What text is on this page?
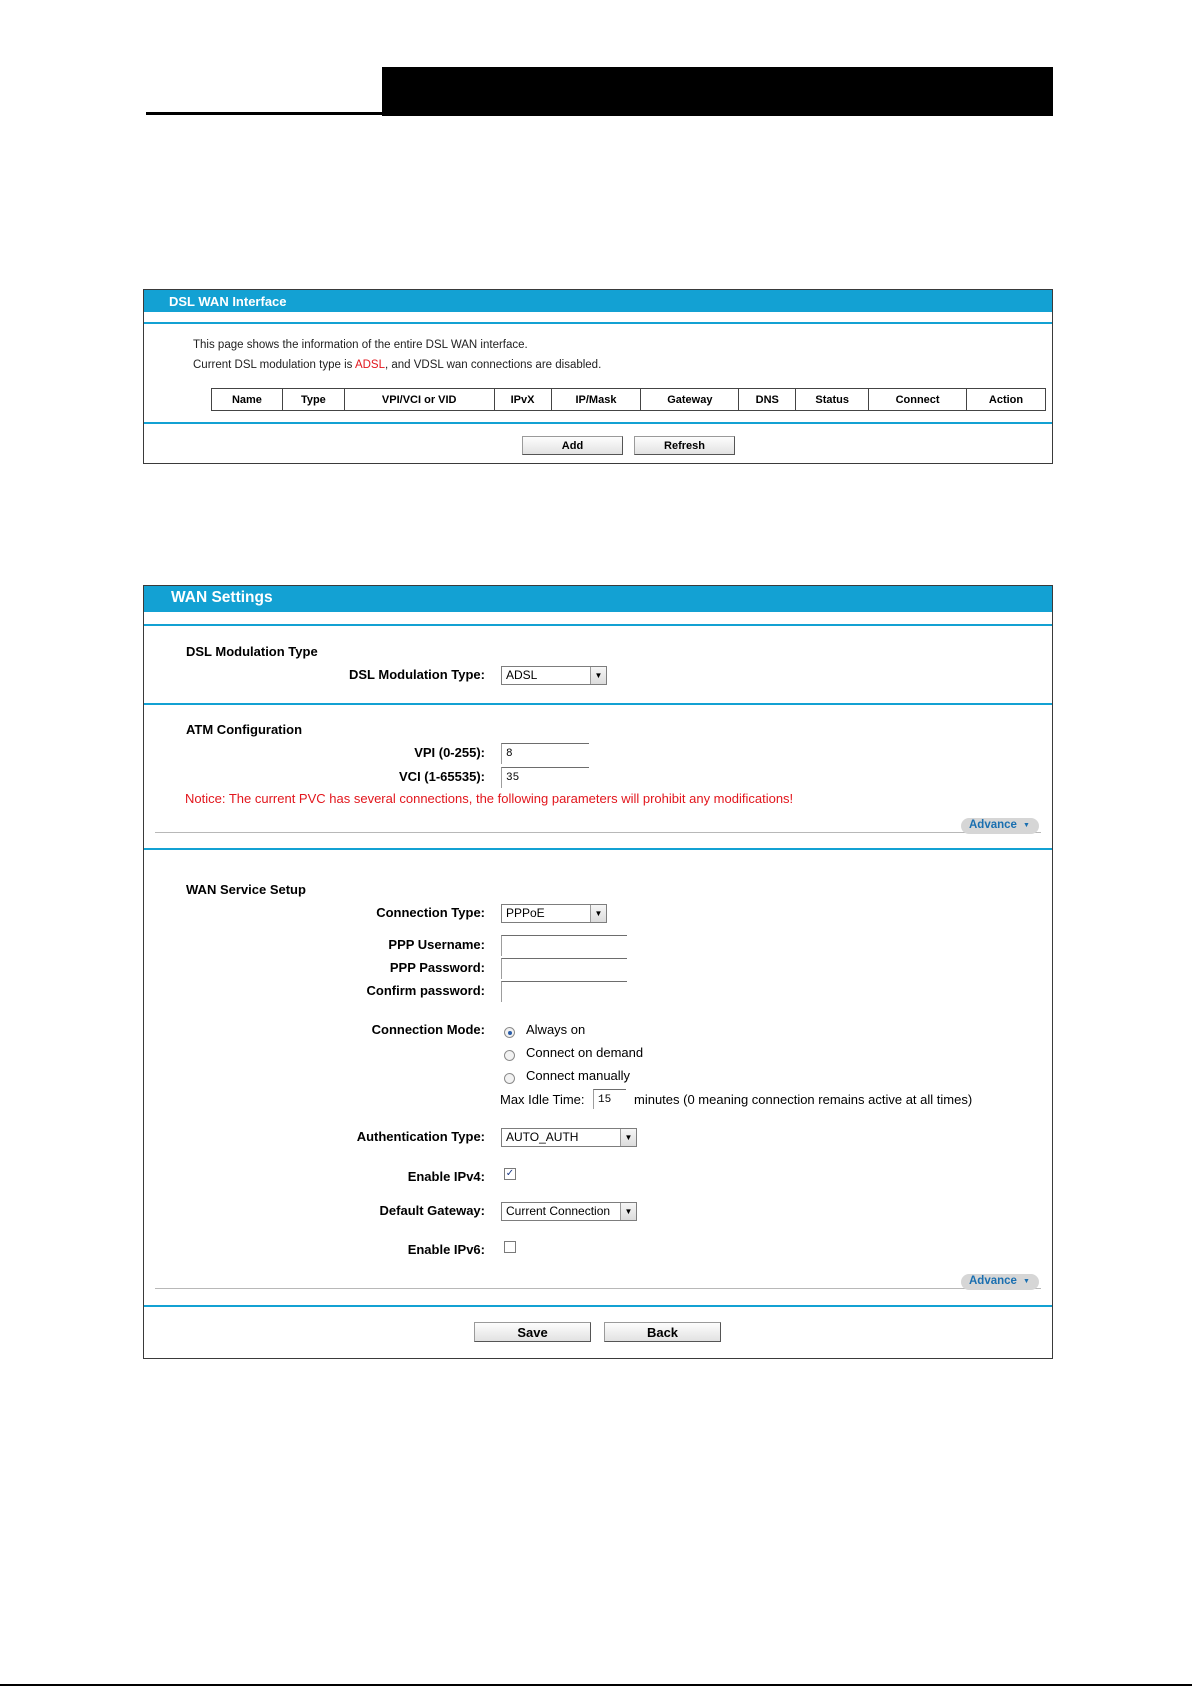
DSL WAN Interface
This page shows the information of the entire DSL WAN interface.
Current DSL modulation type is ADSL, and VDSL wan connections are disabled.
Name	Type	VPI/VCI or VID	IPvX	IP/Mask	Gateway	DNS	Status	Connect	Action
Add	Refresh
WAN Settings
DSL Modulation Type
DSL Modulation Type:	ADSL	▼
ATM Configuration
VPI (0-255):	8
VCI (1-65535):	35
Notice: The current PVC has several connections, the following parameters will prohibit any modifications!
Advance ▼
WAN Service Setup
Connection Type:	PPPoE	▼
PPP Username:
PPP Password:
Confirm password:
Connection Mode:	Always on
Connect on demand
Connect manually
Max Idle Time:	15	minutes (0 meaning connection remains active at all times)
Authentication Type:	AUTO_AUTH	▼
Enable IPv4: ✓
Default Gateway:	Current Connection	▼
Enable IPv6:
Advance ▼
Save	Back
